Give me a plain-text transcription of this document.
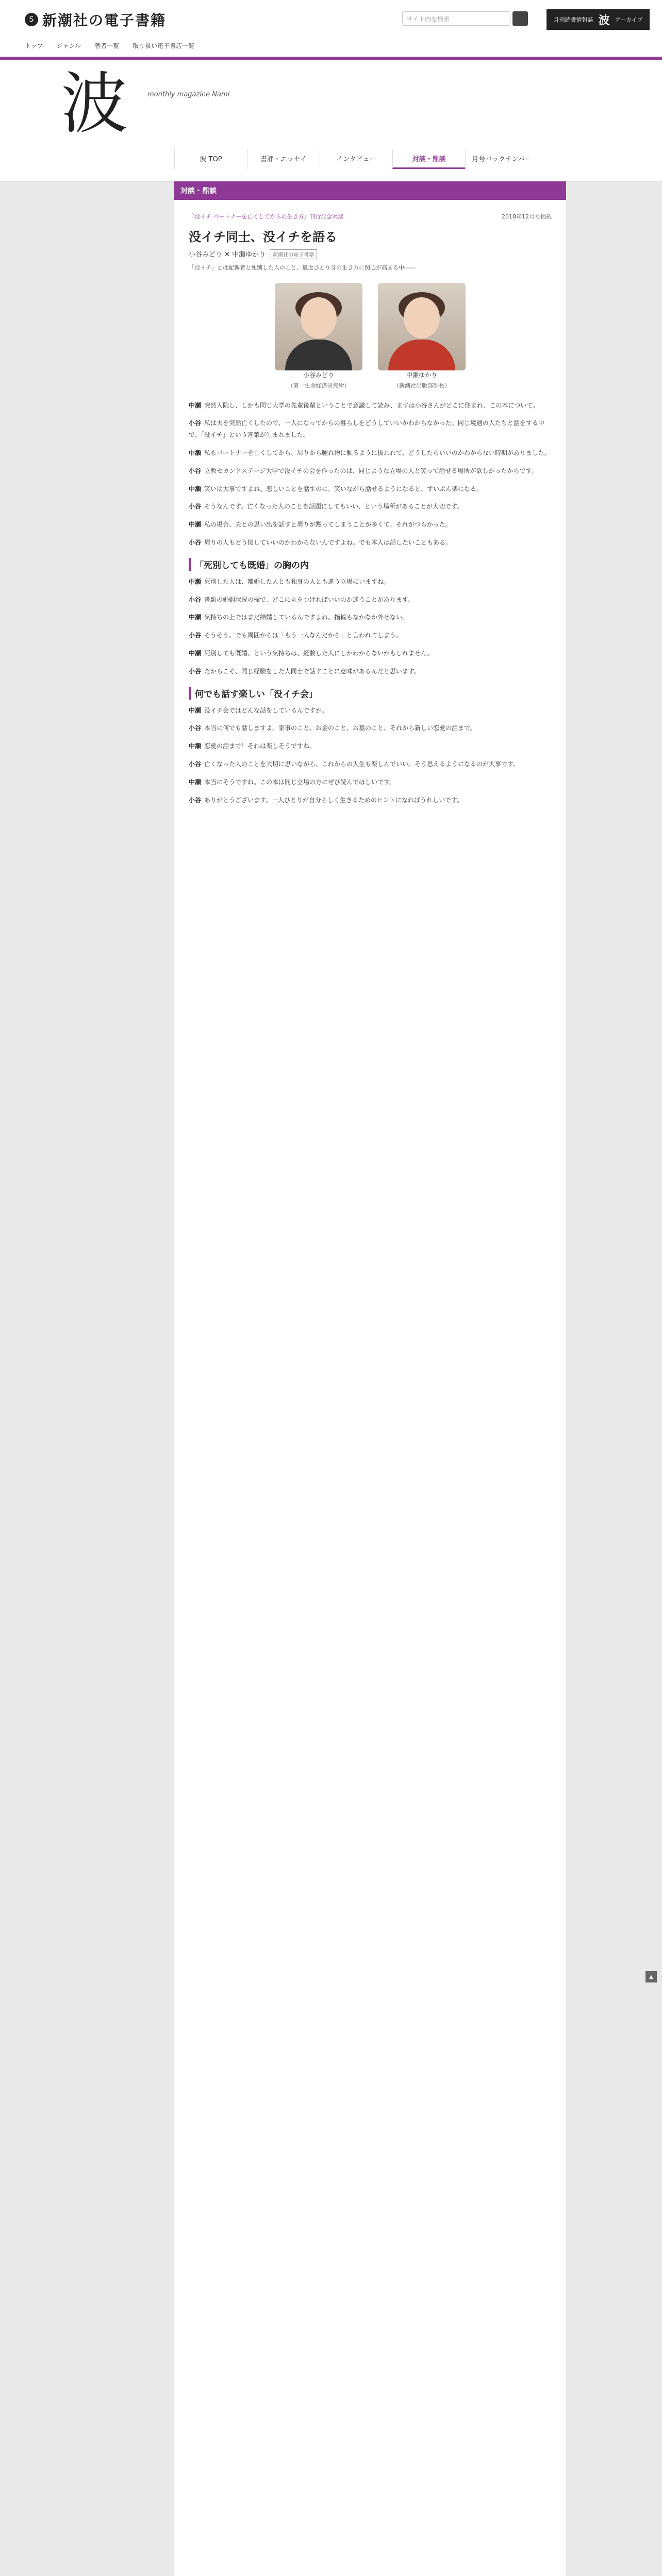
S 新潮社の電子書籍	サイト内を検索	月刊読書情報誌 波 アーカイブ
トップ ジャンル 著者一覧 取り扱い電子書店一覧
波	monthly magazine Nami
波 TOP	書評・エッセイ	インタビュー	対談・鼎談	月号バックナンバー
対談・鼎談
『没イチ パートナーを亡くしてからの生き方』刊行記念対談	2018年12月号掲載
没イチ同士、没イチを語る
小谷みどり ✕ 中瀬ゆかり 新潮社の電子書籍
「没イチ」とは配偶者と死別した人のこと。最近ひとり身の生き方に関心が高まる中――
小谷みどり
（第一生命経済研究所）
中瀬ゆかり
（新潮社出版部部長）

中瀬 突然入院し、しかも同じ大学の先輩後輩ということで意識して読み、まずは小谷さんがどこに住まれ、この本について。

小谷 私は夫を突然亡くしたので、一人になってからの暮らしをどうしていいかわからなかった。同じ境遇の人たちと話をする中で、「没イチ」という言葉が生まれました。

中瀬 私もパートナーを亡くしてから、周りから腫れ物に触るように扱われて、どうしたらいいのかわからない時期がありました。

小谷 立教セカンドステージ大学で没イチの会を作ったのは、同じような立場の人と笑って話せる場所が欲しかったからです。

中瀬 笑いは大事ですよね。悲しいことを話すのに、笑いながら話せるようになると、ずいぶん楽になる。

小谷 そうなんです。亡くなった人のことを話題にしてもいい、という場所があることが大切です。

中瀬 私の場合、夫との思い出を話すと周りが黙ってしまうことが多くて、それがつらかった。

小谷 周りの人もどう接していいのかわからないんですよね。でも本人は話したいこともある。

「死別しても既婚」の胸の内

中瀬 死別した人は、離婚した人とも独身の人とも違う立場にいますね。

小谷 書類の婚姻状況の欄で、どこに丸をつければいいのか迷うことがあります。

中瀬 気持ちの上ではまだ結婚しているんですよね。指輪もなかなか外せない。

小谷 そうそう。でも周囲からは「もう一人なんだから」と言われてしまう。

中瀬 死別しても既婚、という気持ちは、経験した人にしかわからないかもしれません。

小谷 だからこそ、同じ経験をした人同士で話すことに意味があるんだと思います。

何でも話す楽しい「没イチ会」

中瀬 没イチ会ではどんな話をしているんですか。

小谷 本当に何でも話しますよ。家事のこと、お金のこと、お墓のこと、それから新しい恋愛の話まで。

中瀬 恋愛の話まで！それは楽しそうですね。

小谷 亡くなった人のことを大切に思いながら、これからの人生も楽しんでいい。そう思えるようになるのが大事です。

中瀬 本当にそうですね。この本は同じ立場の方にぜひ読んでほしいです。

小谷 ありがとうございます。一人ひとりが自分らしく生きるためのヒントになればうれしいです。

▲
